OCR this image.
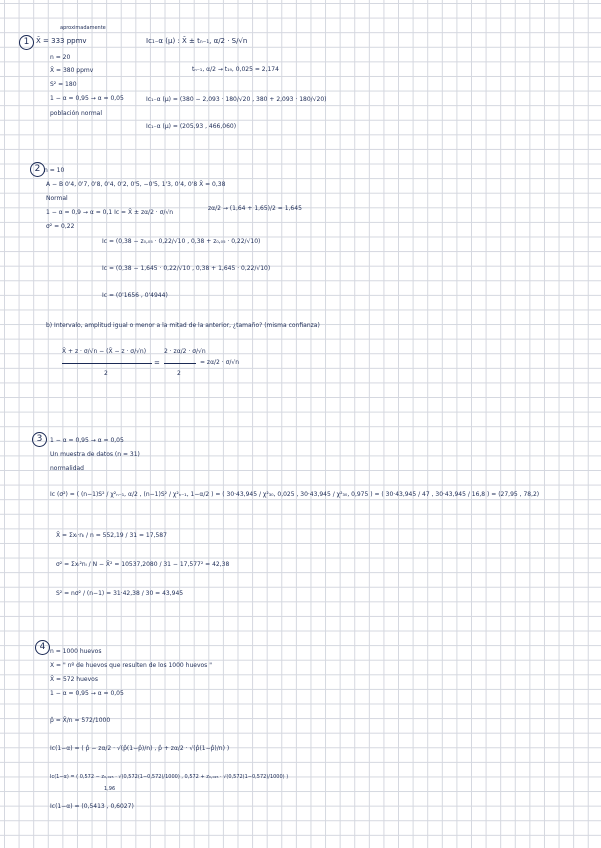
1
aproximadamente
X̄ = 333 ppmv
n = 20
X̄ = 380 ppmv
S² = 180
1 − α = 0,95 → α = 0,05
población normal
Ic₁₋α (μ) : X̄ ± tₙ₋₁, α/2 · S/√n
tₙ₋₁, α/2 → t₁₉, 0,025 = 2,174
Ic₁₋α (μ) = (380 − 2,093 · 180/√20 , 380 + 2,093 · 180/√20)
Ic₁₋α (μ) = (205,93 , 466,060)
2 n = 10
A − B 0'4, 0'7, 0'8, 0'4, 0'2, 0'5, −0'5, 1'3, 0'4, 0'8 X̄ = 0,38
Normal
1 − α = 0,9 → α = 0,1 Ic = X̄ ± zα/2 · σ/√n
zα/2 → (1,64 + 1,65)/2 = 1,645
σ² = 0,22
Ic = (0,38 − z₀,₀₅ · 0,22/√10 , 0,38 + z₀,₀₅ · 0,22/√10)
Ic = (0,38 − 1,645 · 0,22/√10 , 0,38 + 1,645 · 0,22/√10)
Ic = (0'1656 , 0'4944)
b) Intervalo, amplitud igual o menor a la mitad de la anterior, ¿tamaño? (misma confianza)
X̄ + z · σ/√n − (X̄ − z · σ/√n)
2
=
2 · zα/2 · σ/√n
2
= zα/2 · σ/√n
3	1 − α = 0,95 → α = 0,05
Un muestra de datos (n = 31)
normalidad
Ic (σ²) = ( (n−1)S² / χ²ₙ₋₁, α/2 , (n−1)S² / χ²ₙ₋₁, 1−α/2 ) = ( 30·43,945 / χ²₃₀, 0,025 , 30·43,945 / χ²₃₀, 0,975 ) = ( 30·43,945 / 47 , 30·43,945 / 16,8 ) = (27,95 , 78,2)
X̄ = Σxᵢ·nᵢ / n = 552,19 / 31 = 17,587
σ² = Σxᵢ²nᵢ / N − X̄² = 10537,2080 / 31 − 17,577² = 42,38
S² = nσ² / (n−1) = 31·42,38 / 30 = 43,945
4 n = 1000 huevos
X = " nº de huevos que resulten de los 1000 huevos "
X̄ = 572 huevos
1 − α = 0,95 → α = 0,05
p̂ = X̄/n = 572/1000
Ic(1−α) = ( p̂ − zα/2 · √(p̂(1−p̂)/n) , p̂ + zα/2 · √(p̂(1−p̂)/n) )
Ic(1−α) = ( 0,572 − z₀,₀₂₅ · √(0,572(1−0,572)/1000) , 0,572 + z₀,₀₂₅ · √(0,572(1−0,572)/1000) )
1,96
Ic(1−α) = (0,5413 , 0,6027)
